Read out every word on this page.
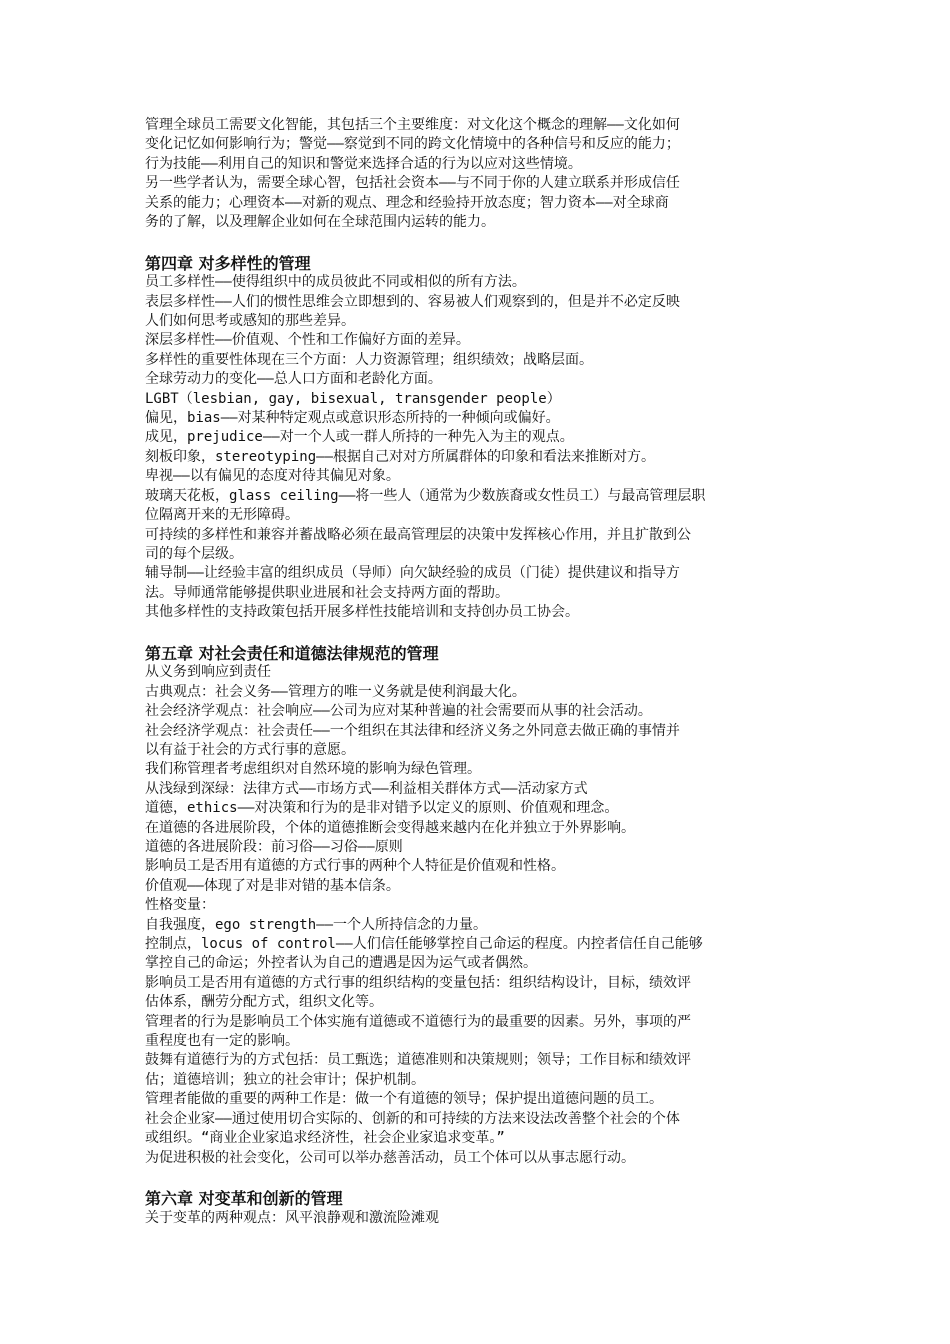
管理全球员工需要文化智能，其包括三个主要维度：对文化这个概念的理解——文化如何
变化记忆如何影响行为；警觉——察觉到不同的跨文化情境中的各种信号和反应的能力；
行为技能——利用自己的知识和警觉来选择合适的行为以应对这些情境。
另一些学者认为，需要全球心智，包括社会资本——与不同于你的人建立联系并形成信任
关系的能力；心理资本——对新的观点、理念和经验持开放态度；智力资本——对全球商
务的了解，以及理解企业如何在全球范围内运转的能力。
第四章 对多样性的管理
员工多样性——使得组织中的成员彼此不同或相似的所有方法。
表层多样性——人们的惯性思维会立即想到的、容易被人们观察到的，但是并不必定反映
人们如何思考或感知的那些差异。
深层多样性——价值观、个性和工作偏好方面的差异。
多样性的重要性体现在三个方面：人力资源管理；组织绩效；战略层面。
全球劳动力的变化——总人口方面和老龄化方面。
LGBT（lesbian, gay, bisexual, transgender people）
偏见，bias——对某种特定观点或意识形态所持的一种倾向或偏好。
成见，prejudice——对一个人或一群人所持的一种先入为主的观点。
刻板印象，stereotyping——根据自己对对方所属群体的印象和看法来推断对方。
卑视——以有偏见的态度对待其偏见对象。
玻璃天花板，glass ceiling——将一些人（通常为少数族裔或女性员工）与最高管理层职
位隔离开来的无形障碍。
可持续的多样性和兼容并蓄战略必须在最高管理层的决策中发挥核心作用，并且扩散到公
司的每个层级。
辅导制——让经验丰富的组织成员（导师）向欠缺经验的成员（门徒）提供建议和指导方
法。导师通常能够提供职业进展和社会支持两方面的帮助。
其他多样性的支持政策包括开展多样性技能培训和支持创办员工协会。
第五章 对社会责任和道德法律规范的管理
从义务到响应到责任
古典观点：社会义务——管理方的唯一义务就是使利润最大化。
社会经济学观点：社会响应——公司为应对某种普遍的社会需要而从事的社会活动。
社会经济学观点：社会责任——一个组织在其法律和经济义务之外同意去做正确的事情并
以有益于社会的方式行事的意愿。
我们称管理者考虑组织对自然环境的影响为绿色管理。
从浅绿到深绿：法律方式——市场方式——利益相关群体方式——活动家方式
道德，ethics——对决策和行为的是非对错予以定义的原则、价值观和理念。
在道德的各进展阶段，个体的道德推断会变得越来越内在化并独立于外界影响。
道德的各进展阶段：前习俗——习俗——原则
影响员工是否用有道德的方式行事的两种个人特征是价值观和性格。
价值观——体现了对是非对错的基本信条。
性格变量：
自我强度，ego strength——一个人所持信念的力量。
控制点，locus of control——人们信任能够掌控自己命运的程度。内控者信任自己能够
掌控自己的命运；外控者认为自己的遭遇是因为运气或者偶然。
影响员工是否用有道德的方式行事的组织结构的变量包括：组织结构设计，目标，绩效评
估体系，酬劳分配方式，组织文化等。
管理者的行为是影响员工个体实施有道德或不道德行为的最重要的因素。另外，事项的严
重程度也有一定的影响。
鼓舞有道德行为的方式包括：员工甄选；道德准则和决策规则；领导；工作目标和绩效评
估；道德培训；独立的社会审计；保护机制。
管理者能做的重要的两种工作是：做一个有道德的领导；保护提出道德问题的员工。
社会企业家——通过使用切合实际的、创新的和可持续的方法来设法改善整个社会的个体
或组织。“商业企业家追求经济性，社会企业家追求变革。”
为促进积极的社会变化，公司可以举办慈善活动，员工个体可以从事志愿行动。
第六章 对变革和创新的管理
关于变革的两种观点：风平浪静观和激流险滩观
